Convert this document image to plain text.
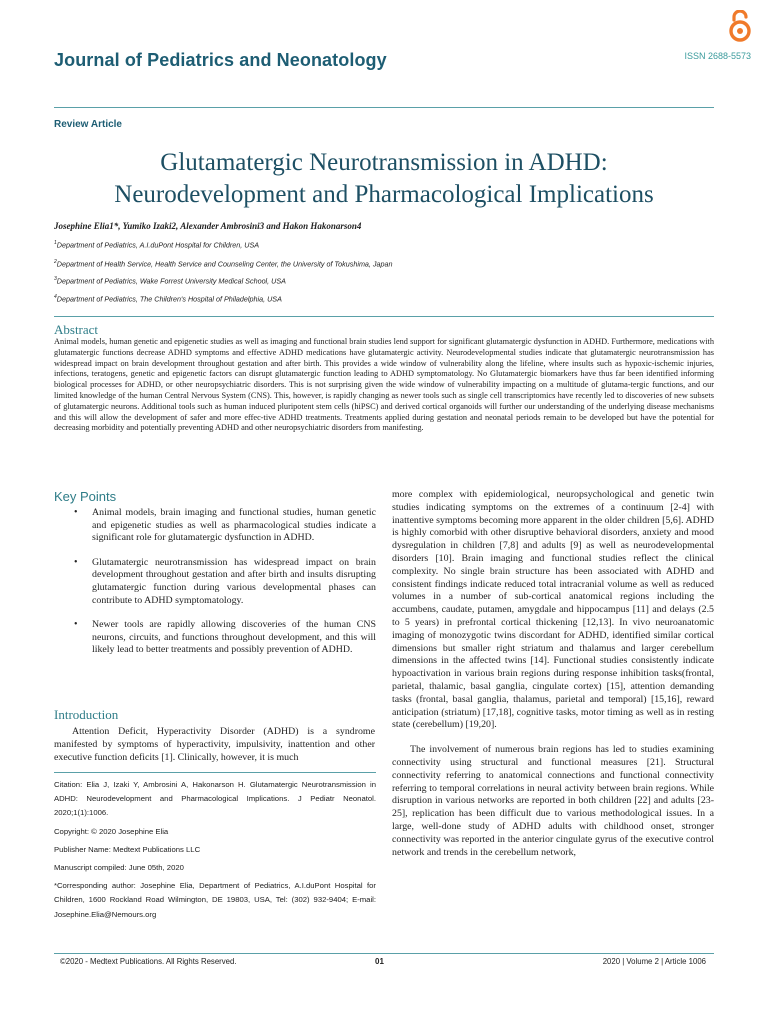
Journal of Pediatrics and Neonatology	ISSN 2688-5573
Review Article
Glutamatergic Neurotransmission in ADHD:
Neurodevelopment and Pharmacological Implications
Josephine Elia1*, Yumiko Izaki2, Alexander Ambrosini3 and Hakon Hakonarson4
$^1$Department of Pediatrics, A.I.duPont Hospital for Children, USA
$^2$Department of Health Service, Health Service and Counseling Center, the University of Tokushima, Japan
$^3$Department of Pediatrics, Wake Forrest University Medical School, USA
$^4$Department of Pediatrics, The Children's Hospital of Philadelphia, USA
Abstract
Animal models, human genetic and epigenetic studies as well as imaging and functional brain studies lend support for significant glutamatergic dysfunction in ADHD. Furthermore, medications with glutamatergic functions decrease ADHD symptoms and effective ADHD medications have glutamatergic activity. Neurodevelopmental studies indicate that glutamatergic neurotransmission has widespread impact on brain development throughout gestation and after birth. This provides a wide window of vulnerability along the lifeline, where insults such as hypoxic-ischemic injuries, infections, teratogens, genetic and epigenetic factors can disrupt glutamatergic function leading to ADHD symptomatology. No Glutamatergic biomarkers have thus far been identified informing biological processes for ADHD, or other neuropsychiatric disorders. This is not surprising given the wide window of vulnerability impacting on a multitude of glutama-tergic functions, and our limited knowledge of the human Central Nervous System (CNS). This, however, is rapidly changing as newer tools such as single cell transcriptomics have recently led to discoveries of new subsets of glutamatergic neurons. Additional tools such as human induced pluripotent stem cells (hiPSC) and derived cortical organoids will further our understanding of the underlying disease mechanisms and this will allow the development of safer and more effec-tive ADHD treatments. Treatments applied during gestation and neonatal periods remain to be developed but have the potential for decreasing morbidity and potentially preventing ADHD and other neuropsychiatric disorders from manifesting.
Key Points
• Animal models, brain imaging and functional studies, human genetic and epigenetic studies as well as pharmacological studies indicate a significant role for glutamatergic dysfunction in ADHD.
• Glutamatergic neurotransmission has widespread impact on brain development throughout gestation and after birth and insults disrupting glutamatergic function during various developmental phases can contribute to ADHD symptomatology.
• Newer tools are rapidly allowing discoveries of the human CNS neurons, circuits, and functions throughout development, and this will likely lead to better treatments and possibly prevention of ADHD.
Introduction

Attention Deficit, Hyperactivity Disorder (ADHD) is a syndrome manifested by symptoms of hyperactivity, impulsivity, inattention and other executive function deficits [1]. Clinically, however, it is much

Citation: Elia J, Izaki Y, Ambrosini A, Hakonarson H. Glutamatergic Neurotransmission in ADHD: Neurodevelopment and Pharmacological Implications. J Pediatr Neonatol. 2020;1(1):1006.
Copyright: © 2020 Josephine Elia
Publisher Name: Medtext Publications LLC
Manuscript compiled: June 05th, 2020
*Corresponding author: Josephine Elia, Department of Pediatrics, A.I.duPont Hospital for Children, 1600 Rockland Road Wilmington, DE 19803, USA, Tel: (302) 932-9404; E-mail: Josephine.Elia@Nemours.org

more complex with epidemiological, neuropsychological and genetic twin studies indicating symptoms on the extremes of a continuum [2-4] with inattentive symptoms becoming more apparent in the older children [5,6]. ADHD is highly comorbid with other disruptive behavioral disorders, anxiety and mood dysregulation in children [7,8] and adults [9] as well as neurodevelopmental disorders [10]. Brain imaging and functional studies reflect the clinical complexity. No single brain structure has been associated with ADHD and consistent findings indicate reduced total intracranial volume as well as reduced volumes in a number of sub-cortical anatomical regions including the accumbens, caudate, putamen, amygdale and hippocampus [11] and delays (2.5 to 5 years) in prefrontal cortical thickening [12,13]. In vivo neuroanatomic imaging of monozygotic twins discordant for ADHD, identified similar cortical dimensions but smaller right striatum and thalamus and larger cerebellum dimensions in the affected twins [14]. Functional studies consistently indicate hypoactivation in various brain regions during response inhibition tasks(frontal, parietal, thalamic, basal ganglia, cingulate cortex) [15], attention demanding tasks (frontal, basal ganglia, thalamus, parietal and temporal) [15,16], reward anticipation (striatum) [17,18], cognitive tasks, motor timing as well as in resting state (cerebellum) [19,20].

The involvement of numerous brain regions has led to studies examining connectivity using structural and functional measures [21]. Structural connectivity referring to anatomical connections and functional connectivity referring to temporal correlations in neural activity between brain regions. While disruption in various networks are reported in both children [22] and adults [23-25], replication has been difficult due to various methodological issues. In a large, well-done study of ADHD adults with childhood onset, stronger connectivity was reported in the anterior cingulate gyrus of the executive control network and trends in the cerebellum network,

©2020 - Medtext Publications. All Rights Reserved.	01	2020 | Volume 2 | Article 1006
